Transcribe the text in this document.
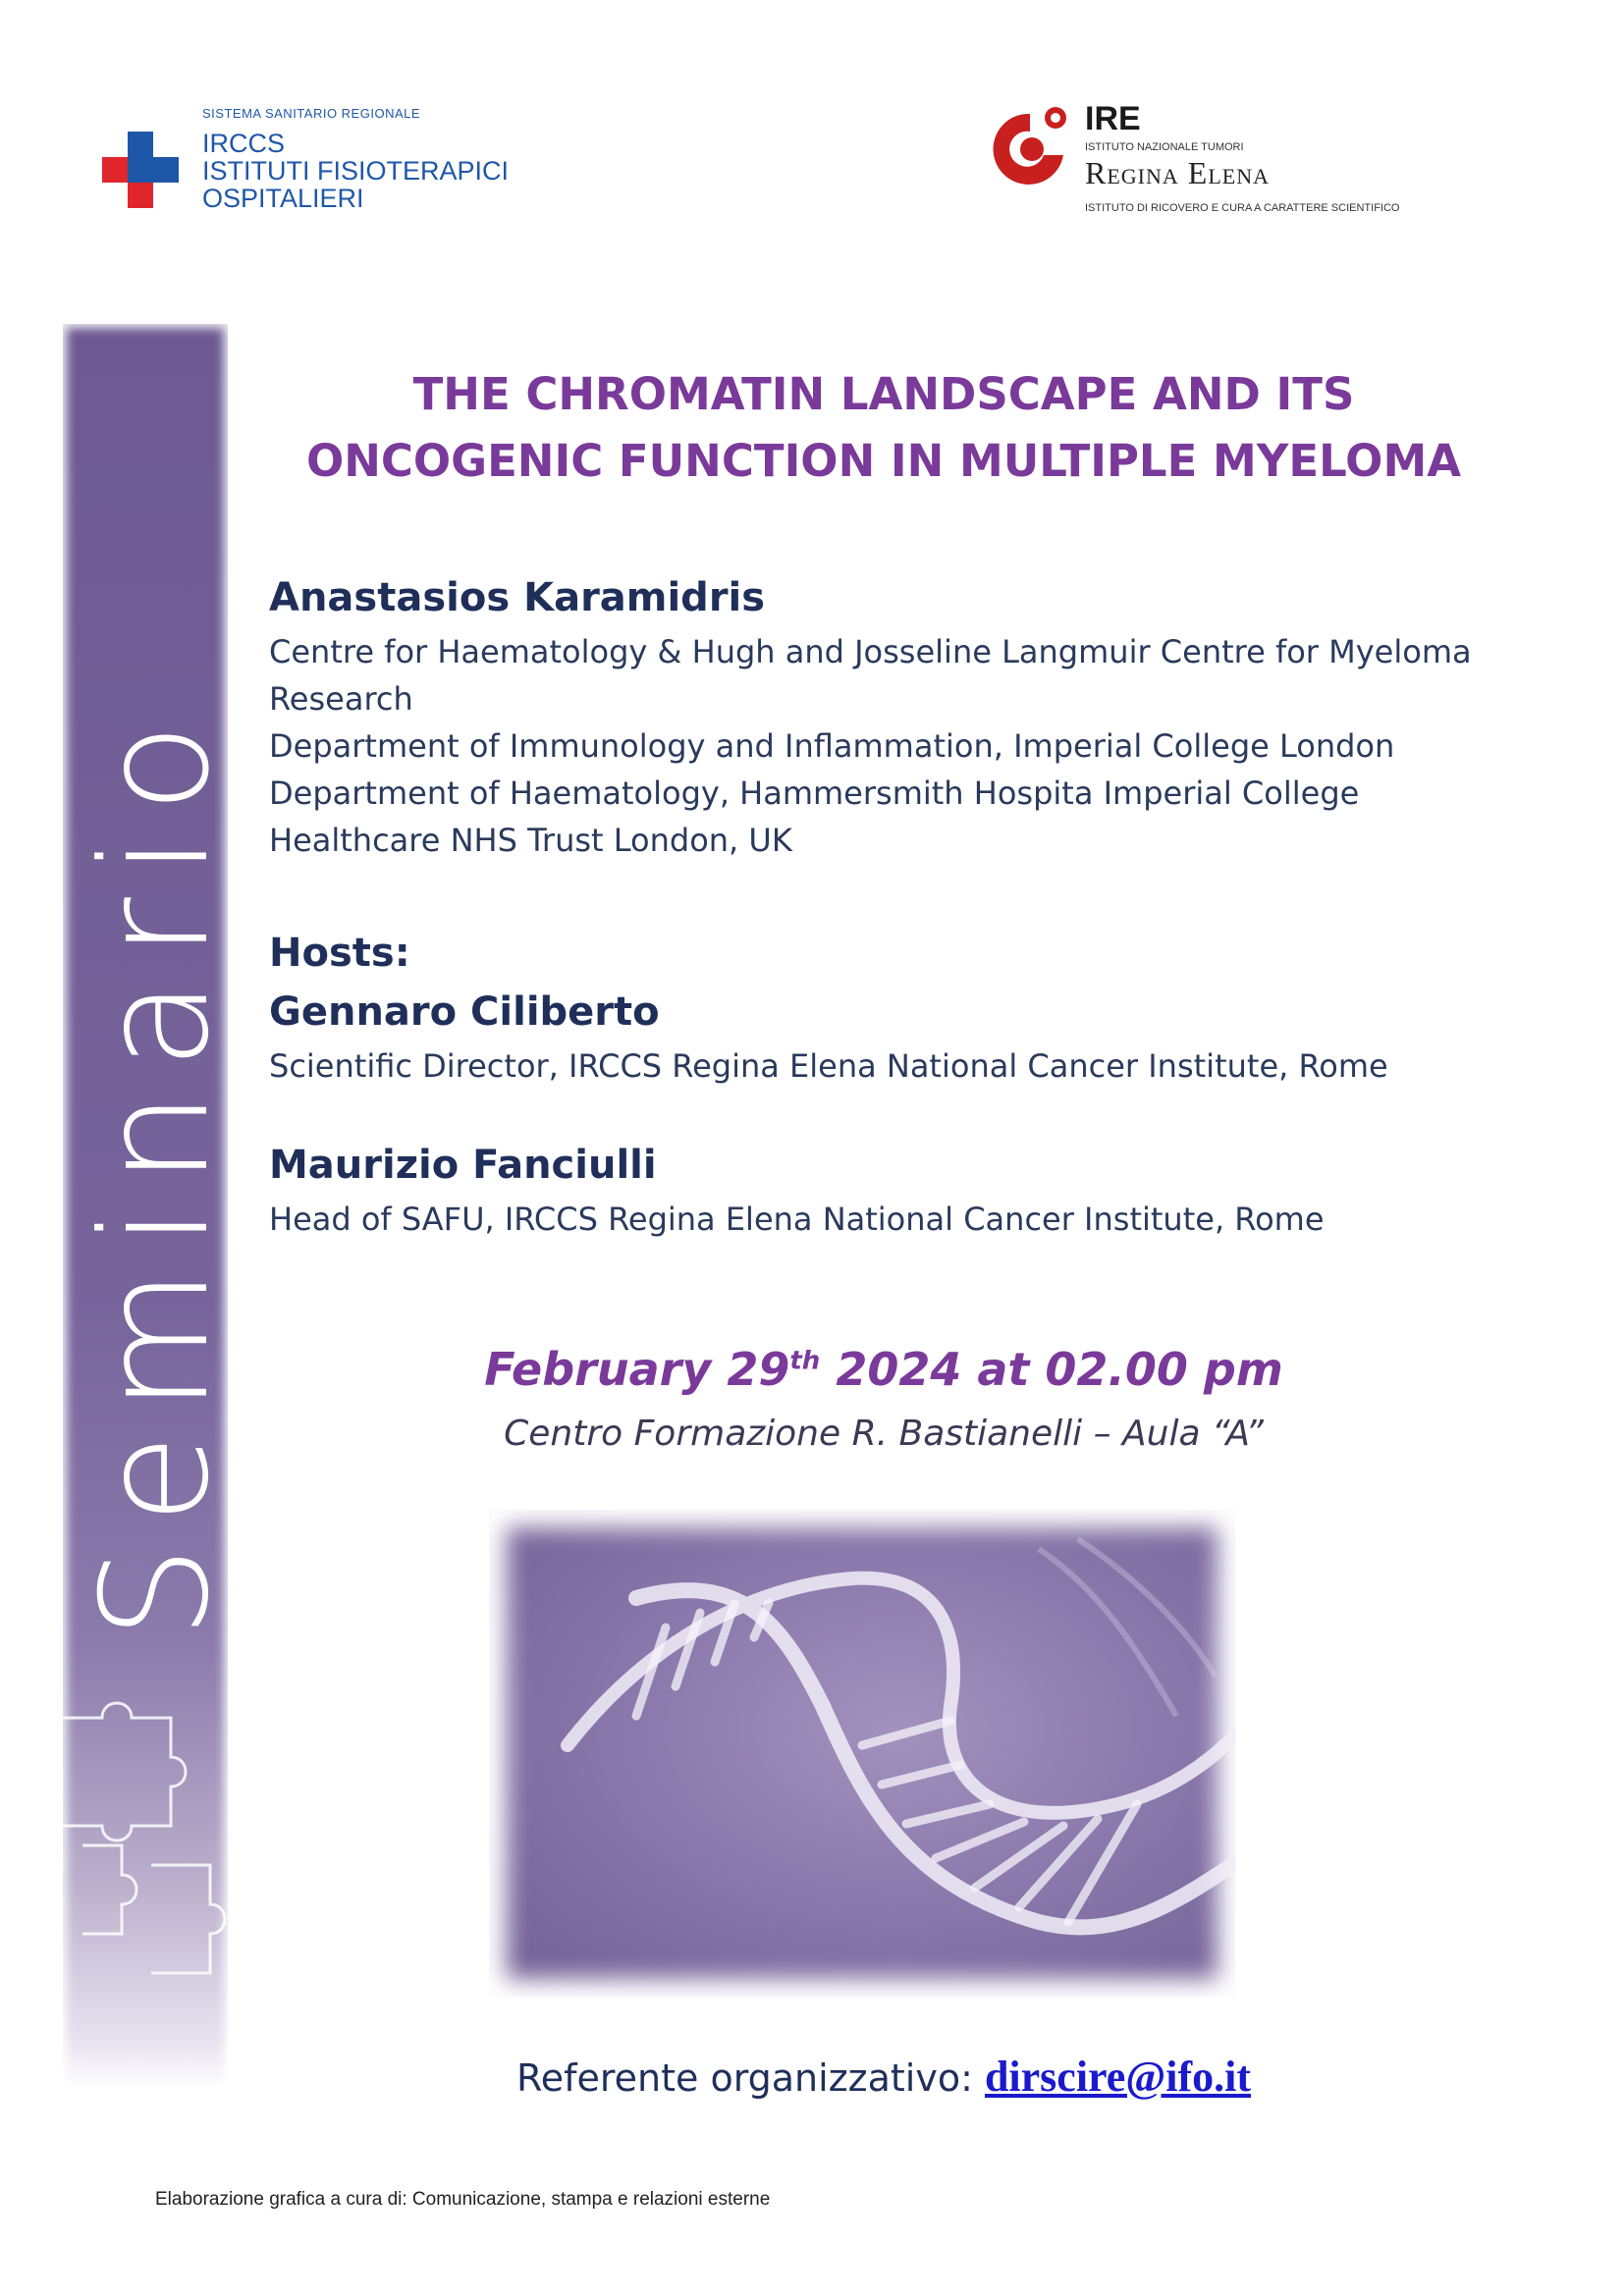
SISTEMA SANITARIO REGIONALE
IRCCS
ISTITUTI FISIOTERAPICI
OSPITALIERI
IRE
ISTITUTO NAZIONALE TUMORI
Regina Elena
ISTITUTO DI RICOVERO E CURA A CARATTERE SCIENTIFICO
Seminario
THE CHROMATIN LANDSCAPE AND ITS ONCOGENIC FUNCTION IN MULTIPLE MYELOMA
Anastasios Karamidris
Centre for Haematology & Hugh and Josseline Langmuir Centre for Myeloma
Research
Department of Immunology and Inflammation, Imperial College London
Department of Haematology, Hammersmith Hospita Imperial College
Healthcare NHS Trust London, UK
Hosts:
Gennaro Ciliberto
Scientific Director, IRCCS Regina Elena National Cancer Institute, Rome
Maurizio Fanciulli
Head of SAFU, IRCCS Regina Elena National Cancer Institute, Rome
February 29th 2024 at 02.00 pm
Centro Formazione R. Bastianelli – Aula “A”
Referente organizzativo: dirscire@ifo.it
Elaborazione grafica a cura di: Comunicazione, stampa e relazioni esterne
